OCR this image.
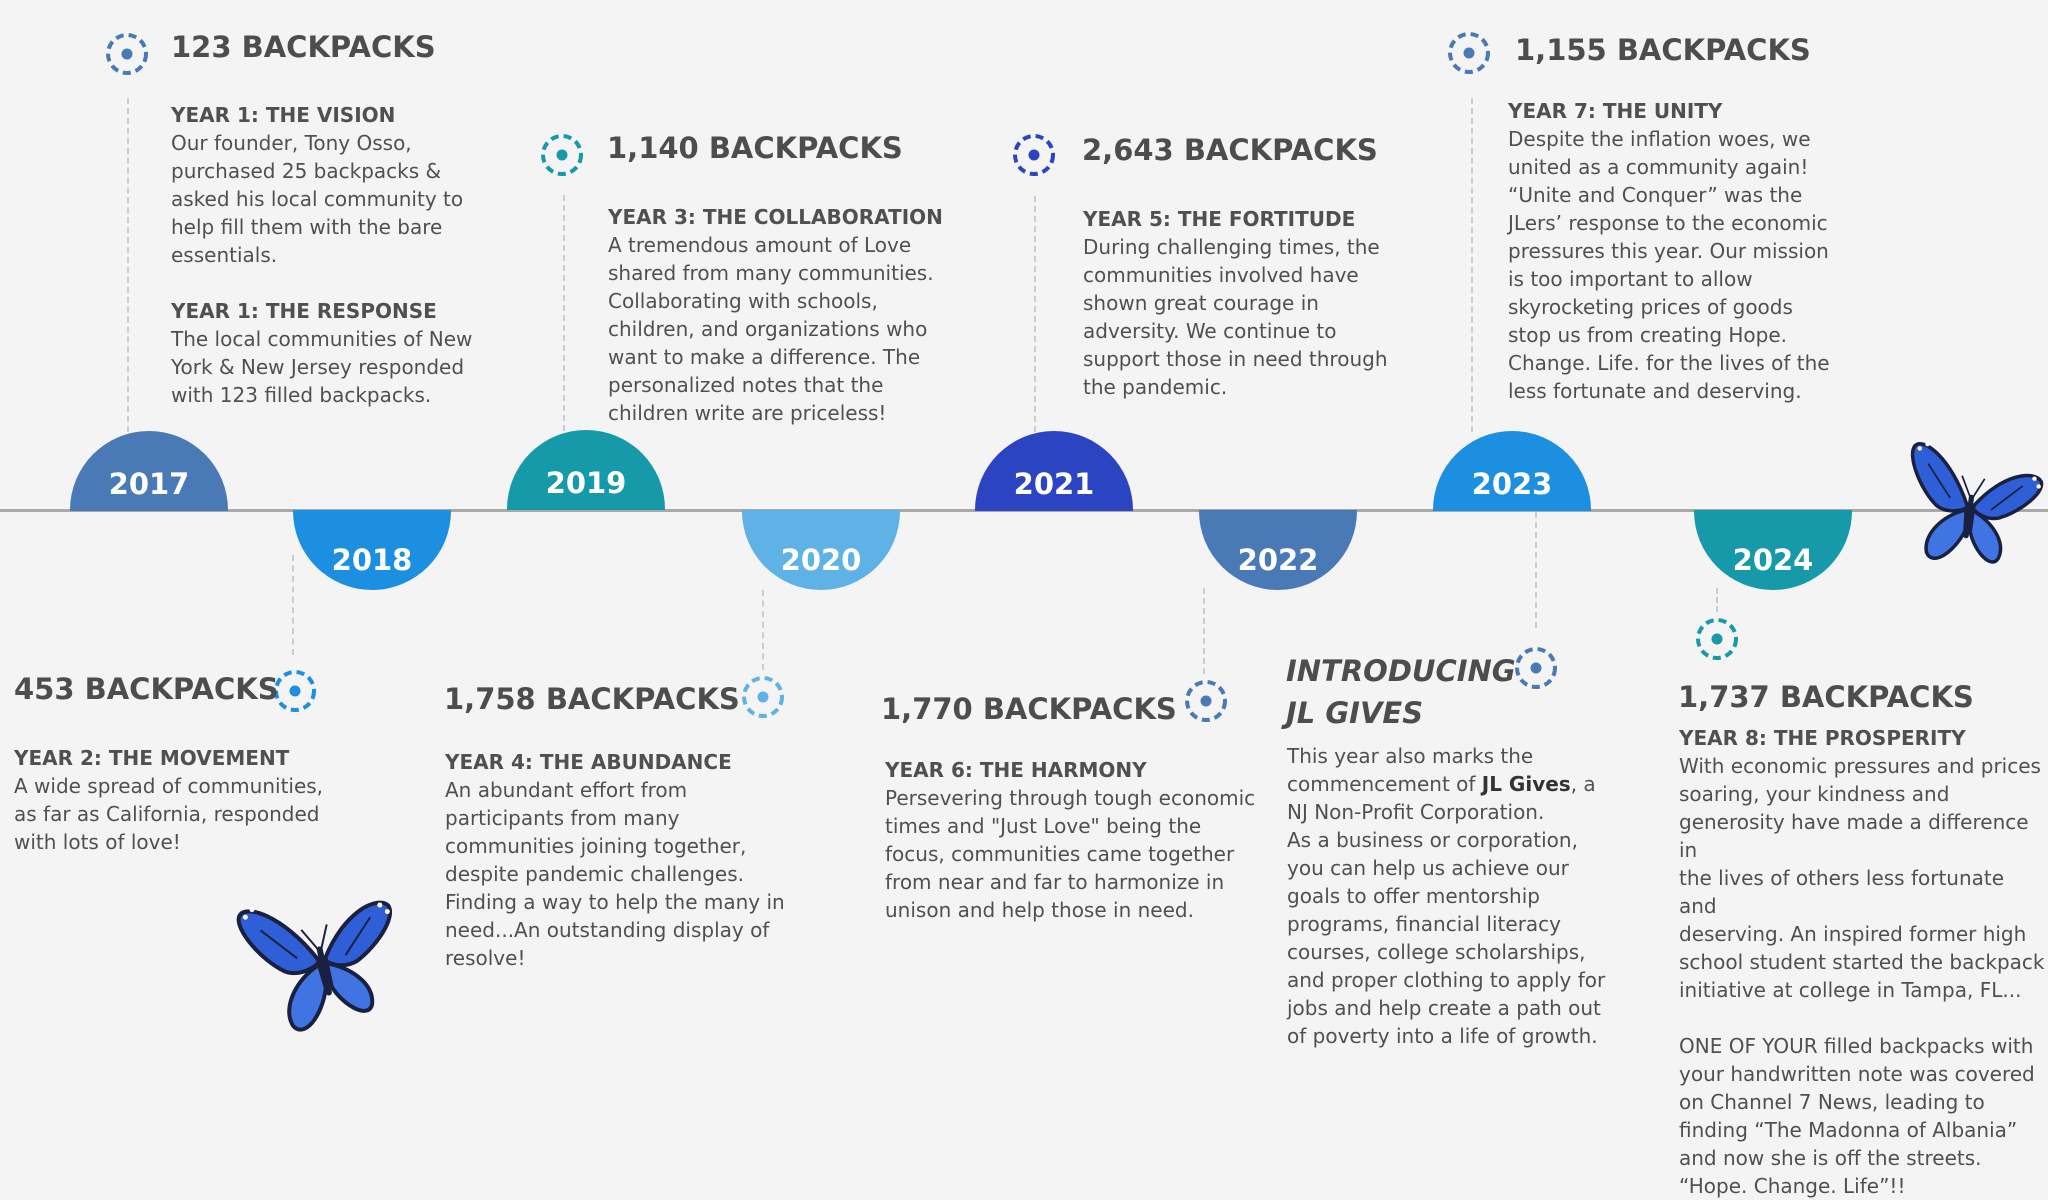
2017
2018
2019
2020
2021
2022
2023
2024
123 BACKPACKS
YEAR 1: THE VISION

Our founder, Tony Osso,

purchased 25 backpacks &

asked his local community to

help fill them with the bare

essentials.

YEAR 1: THE RESPONSE

The local communities of New

York & New Jersey responded

with 123 filled backpacks.

453 BACKPACKS
YEAR 2: THE MOVEMENT

A wide spread of communities,

as far as California, responded

with lots of love!

1,140 BACKPACKS
YEAR 3: THE COLLABORATION

A tremendous amount of Love

shared from many communities.

Collaborating with schools,

children, and organizations who

want to make a difference. The

personalized notes that the

children write are priceless!

1,758 BACKPACKS
YEAR 4: THE ABUNDANCE

An abundant effort from

participants from many

communities joining together,

despite pandemic challenges.

Finding a way to help the many in

need...An outstanding display of

resolve!

2,643 BACKPACKS
YEAR 5: THE FORTITUDE

During challenging times, the

communities involved have

shown great courage in

adversity. We continue to

support those in need through

the pandemic.

1,770 BACKPACKS
YEAR 6: THE HARMONY

Persevering through tough economic

times and "Just Love" being the

focus, communities came together

from near and far to harmonize in

unison and help those in need.

INTRODUCING
JL GIVES

This year also marks the

commencement of JL Gives, a

NJ Non-Profit Corporation.

As a business or corporation,

you can help us achieve our

goals to offer mentorship

programs, financial literacy

courses, college scholarships,

and proper clothing to apply for

jobs and help create a path out

of poverty into a life of growth.

1,155 BACKPACKS
YEAR 7: THE UNITY

Despite the inflation woes, we

united as a community again!

“Unite and Conquer” was the

JLers’ response to the economic

pressures this year. Our mission

is too important to allow

skyrocketing prices of goods

stop us from creating Hope.

Change. Life. for the lives of the

less fortunate and deserving.

1,737 BACKPACKS
YEAR 8: THE PROSPERITY

With economic pressures and prices

soaring, your kindness and

generosity have made a difference in

the lives of others less fortunate and

deserving. An inspired former high

school student started the backpack

initiative at college in Tampa, FL...

ONE OF YOUR filled backpacks with

your handwritten note was covered

on Channel 7 News, leading to

finding “The Madonna of Albania”

and now she is off the streets.

“Hope. Change. Life”!!
